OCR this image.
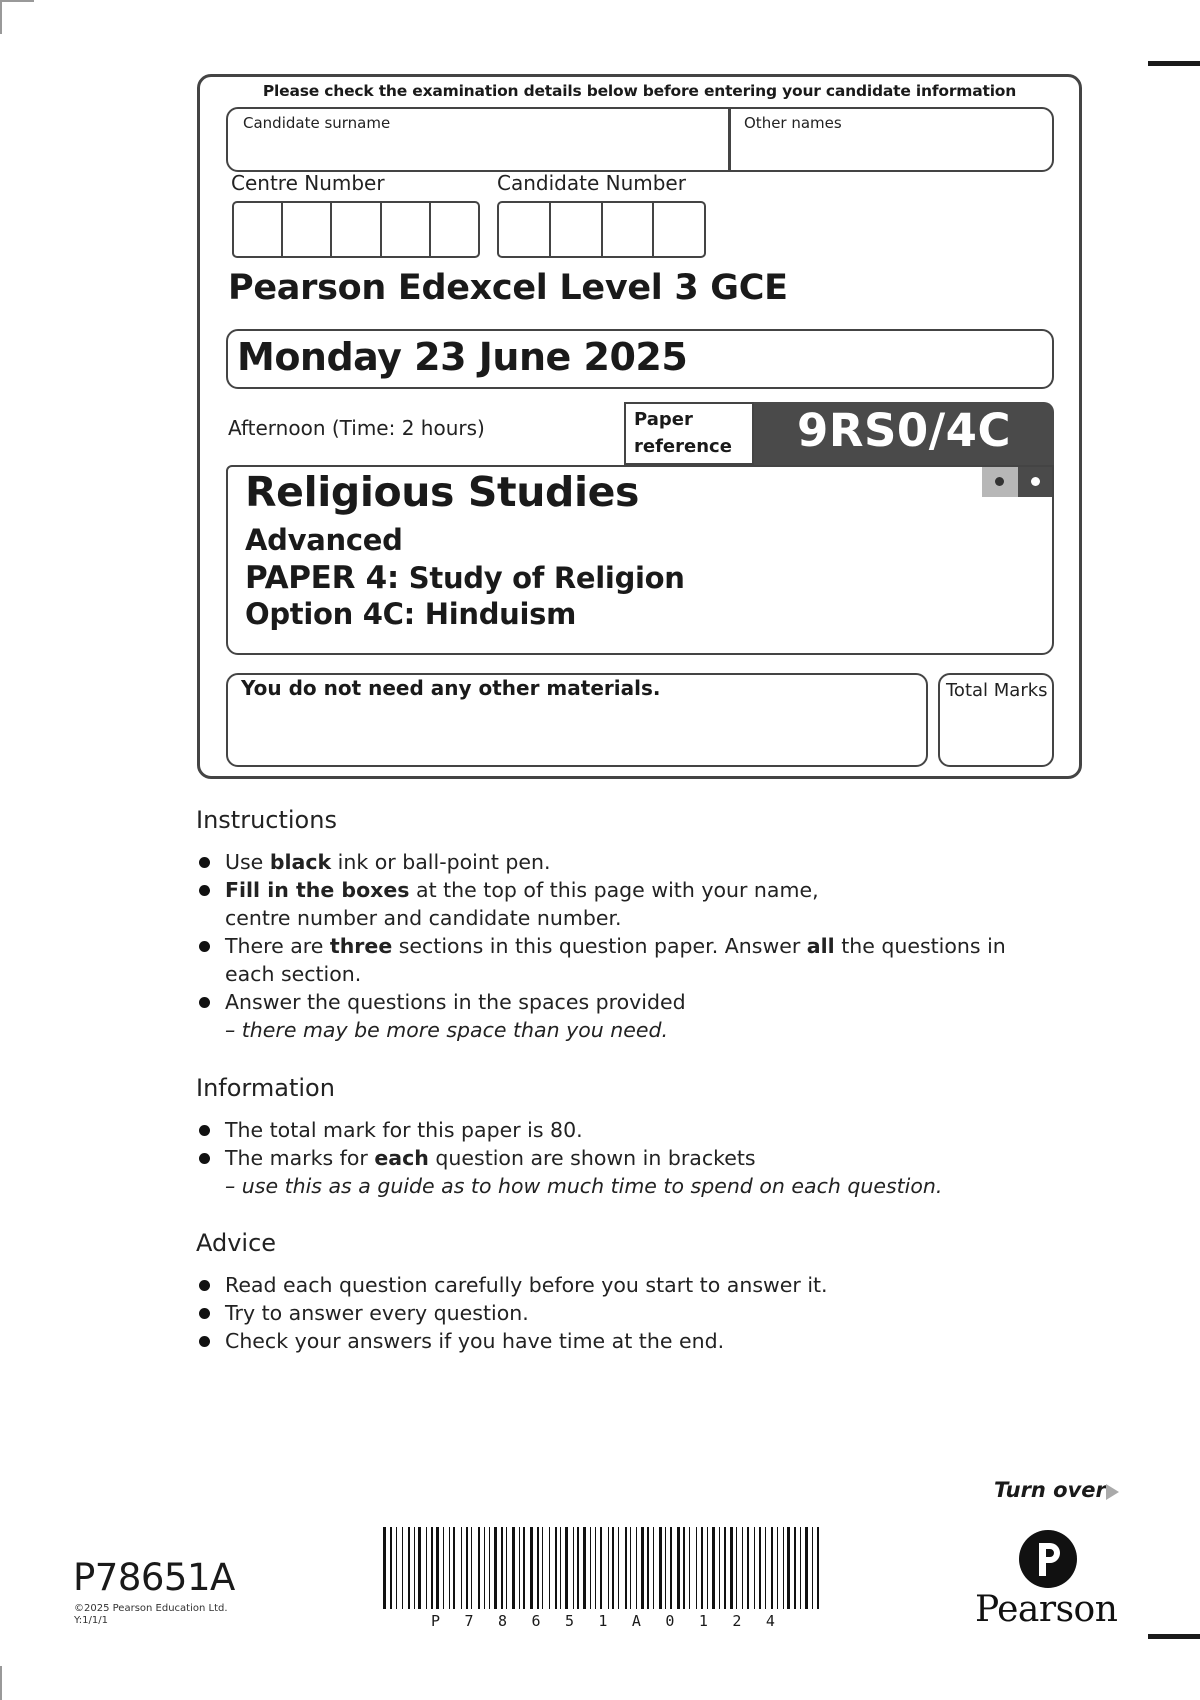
Please check the examination details below before entering your candidate information
Candidate surname	Other names
Centre Number	Candidate Number
Pearson Edexcel Level 3 GCE
Monday 23 June 2025
Afternoon (Time: 2 hours)	Paper
reference	9RS0/4C
Religious Studies
Advanced
PAPER 4: Study of Religion
Option 4C: Hinduism
You do not need any other materials.	Total Marks
Instructions
Use black ink or ball-point pen.
Fill in the boxes at the top of this page with your name,
centre number and candidate number.
There are three sections in this question paper. Answer all the questions in
each section.
Answer the questions in the spaces provided
– there may be more space than you need.
Information
The total mark for this paper is 80.
The marks for each question are shown in brackets
– use this as a guide as to how much time to spend on each question.
Advice
Read each question carefully before you start to answer it.
Try to answer every question.
Check your answers if you have time at the end.
Turn over
P78651A
©2025 Pearson Education Ltd.
Y:1/1/1	P 7 8 6 5 1 A 0 1 2 4	Pearson
